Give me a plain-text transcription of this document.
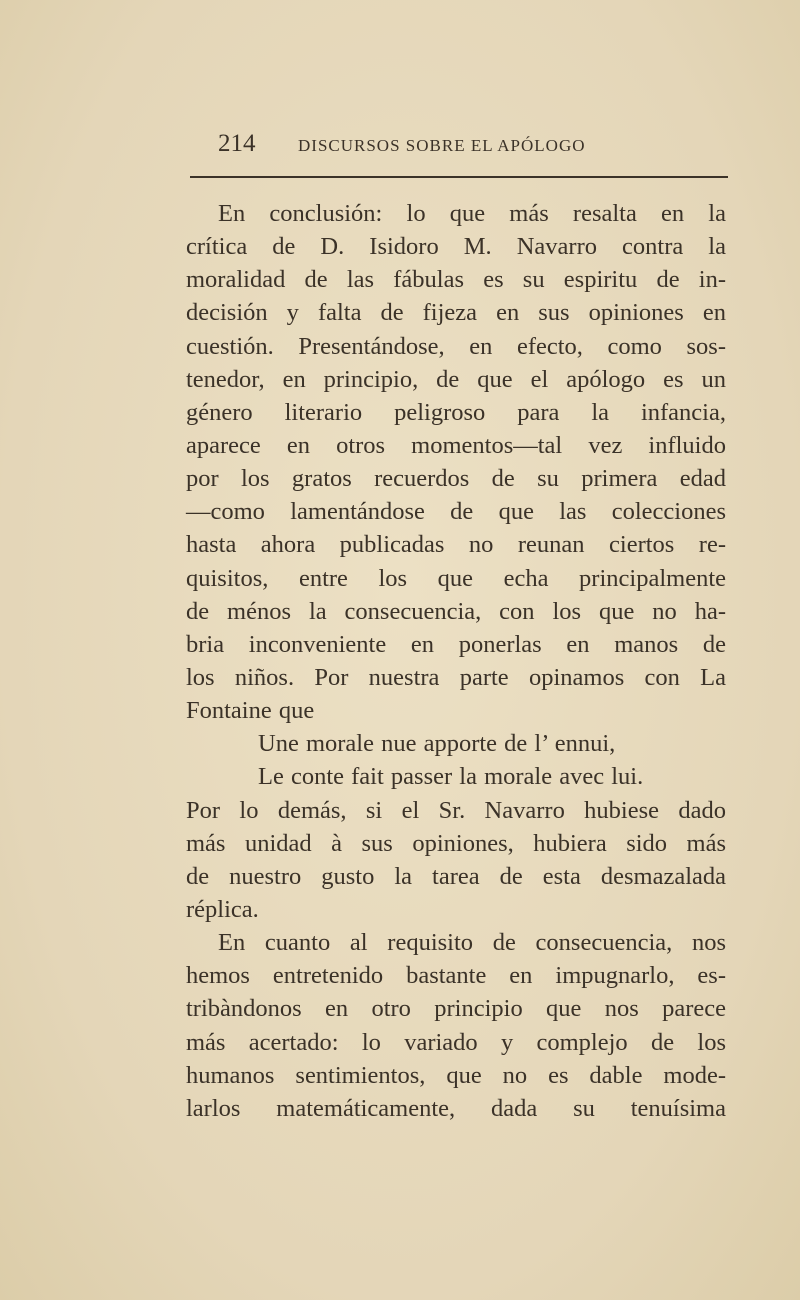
214	DISCURSOS SOBRE EL APÓLOGO
En conclusión: lo que más resalta en la
crítica de D. Isidoro M. Navarro contra la
moralidad de las fábulas es su espiritu de in-
decisión y falta de fijeza en sus opiniones en
cuestión. Presentándose, en efecto, como sos-
tenedor, en principio, de que el apólogo es un
género literario peligroso para la infancia,
aparece en otros momentos—tal vez influido
por los gratos recuerdos de su primera edad
—como lamentándose de que las colecciones
hasta ahora publicadas no reunan ciertos re-
quisitos, entre los que echa principalmente
de ménos la consecuencia, con los que no ha-
bria inconveniente en ponerlas en manos de
los niños. Por nuestra parte opinamos con La
Fontaine que
Une morale nue apporte de l’ ennui,
Le conte fait passer la morale avec lui.
Por lo demás, si el Sr. Navarro hubiese dado
más unidad à sus opiniones, hubiera sido más
de nuestro gusto la tarea de esta desmazalada
réplica.
En cuanto al requisito de consecuencia, nos
hemos entretenido bastante en impugnarlo, es-
tribàndonos en otro principio que nos parece
más acertado: lo variado y complejo de los
humanos sentimientos, que no es dable mode-
larlos matemáticamente, dada su tenuísima
